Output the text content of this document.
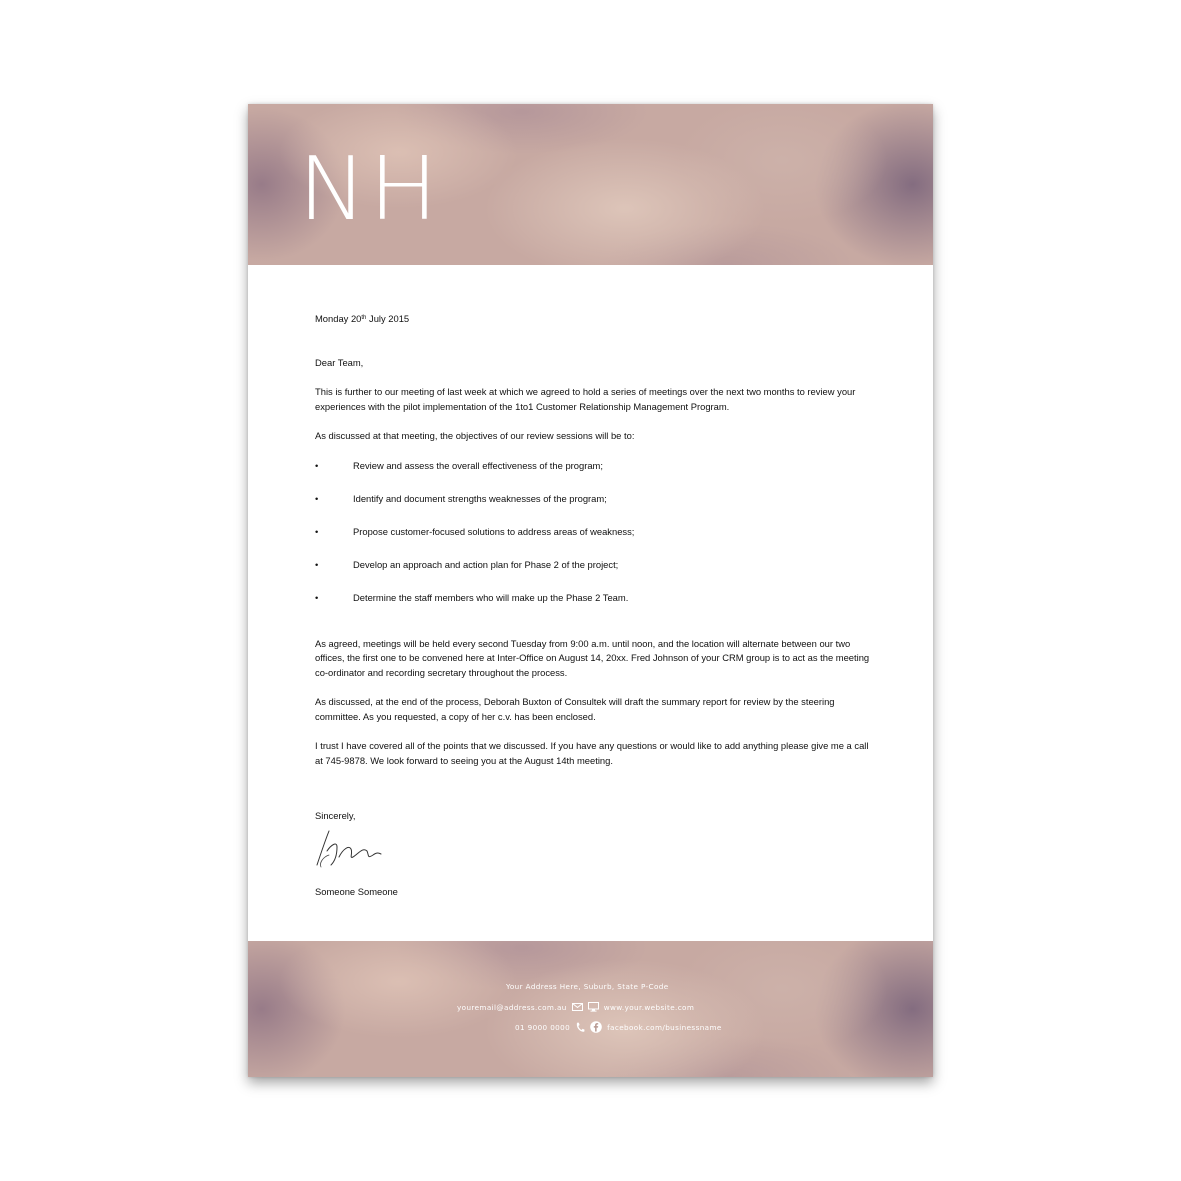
NH

Monday 20th July 2015

Dear Team,

This is further to our meeting of last week at which we agreed to hold a series of meetings over the next two months to review your experiences with the pilot implementation of the 1to1 Customer Relationship Management Program.

As discussed at that meeting, the objectives of our review sessions will be to:

•	Review and assess the overall effectiveness of the program;
•	Identify and document strengths weaknesses of the program;
•	Propose customer-focused solutions to address areas of weakness;
•	Develop an approach and action plan for Phase 2 of the project;
•	Determine the staff members who will make up the Phase 2 Team.

As agreed, meetings will be held every second Tuesday from 9:00 a.m. until noon, and the location will alternate between our two offices, the first one to be convened here at Inter-Office on August 14, 20xx. Fred Johnson of your CRM group is to act as the meeting co-ordinator and recording secretary throughout the process.

As discussed, at the end of the process, Deborah Buxton of Consultek will draft the summary report for review by the steering committee. As you requested, a copy of her c.v. has been enclosed.

I trust I have covered all of the points that we discussed. If you have any questions or would like to add anything please give me a call at 745-9878. We look forward to seeing you at the August 14th meeting.

Sincerely,

Someone Someone

Your Address Here, Suburb, State P-Code
youremail@address.com.au	www.your.website.com
01 9000 0000	facebook.com/businessname
